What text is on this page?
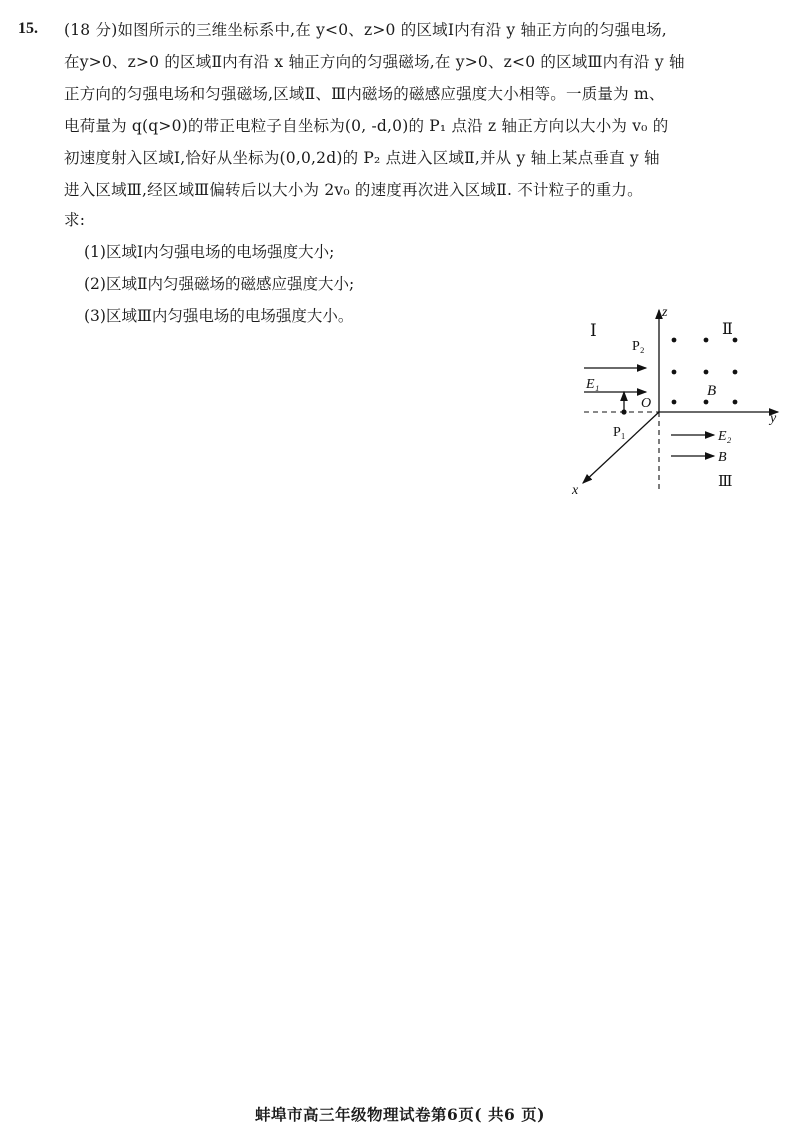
15. (18 分)如图所示的三维坐标系中,在 y<0、z>0 的区域Ⅰ内有沿 y 轴正方向的匀强电场,
在y>0、z>0 的区域Ⅱ内有沿 x 轴正方向的匀强磁场,在 y>0、z<0 的区域Ⅲ内有沿 y 轴
正方向的匀强电场和匀强磁场,区域Ⅱ、Ⅲ内磁场的磁感应强度大小相等。一质量为 m、
电荷量为 q(q>0)的带正电粒子自坐标为(0, -d,0)的 P₁ 点沿 z 轴正方向以大小为 v₀ 的
初速度射入区域Ⅰ,恰好从坐标为(0,0,2d)的 P₂ 点进入区域Ⅱ,并从 y 轴上某点垂直 y 轴
进入区域Ⅲ,经区域Ⅲ偏转后以大小为 2v₀ 的速度再次进入区域Ⅱ. 不计粒子的重力。
求:
(1)区域Ⅰ内匀强电场的电场强度大小;
(2)区域Ⅱ内匀强磁场的磁感应强度大小;
(3)区域Ⅲ内匀强电场的电场强度大小。	z
y
x
O
Ⅰ	Ⅱ
Ⅲ
P₂
E₁
P₁
B
E₂
B
蚌埠市高三年级物理试卷第6页( 共6 页)
